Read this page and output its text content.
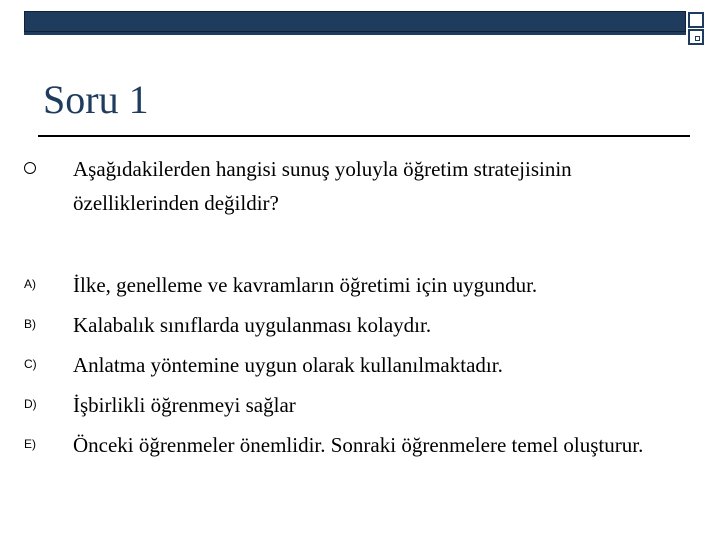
Soru 1
Aşağıdakilerden hangisi sunuş yoluyla öğretim stratejisinin özelliklerinden değildir?
A)	İlke, genelleme ve kavramların öğretimi için uygundur.
B)	Kalabalık sınıflarda uygulanması kolaydır.
C)	Anlatma yöntemine uygun olarak kullanılmaktadır.
D)	İşbirlikli öğrenmeyi sağlar
E)	Önceki öğrenmeler önemlidir. Sonraki öğrenmelere temel oluşturur.
